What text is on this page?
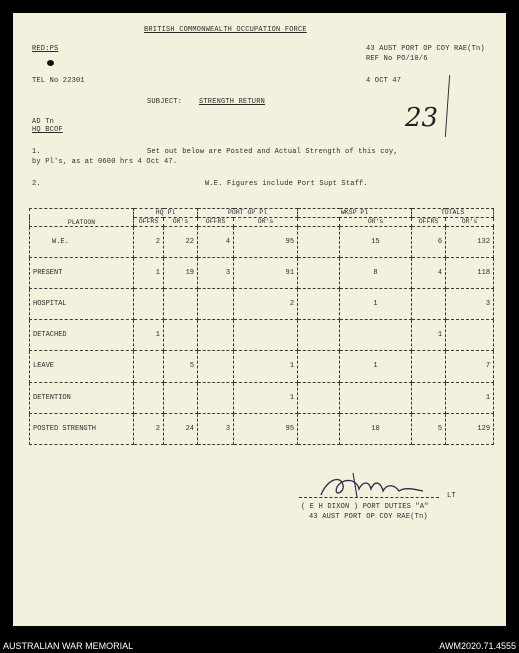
BRITISH COMMONWEALTH OCCUPATION FORCE
RED:PS	43 AUST PORT OP COY RAE(Tn)
REF No PO/10/6
TEL No 22301	4 OCT 47
SUBJECT: STRENGTH RETURN
23
AD Tn
HQ BCOF
1.	Set out below are Posted and Actual Strength of this coy,
by Pl's, as at 0600 hrs 4 Oct 47.
2.	W.E. Figures include Port Supt Staff.
PLATOON	HQ Pl		PORT OP Pl		WKSP Pl		TOTALS	
	OFFRS	OR's	OFFRS	OR's		OR's	OFFRS	OR's
W.E.	2	22	4	95		15	6	132
PRESENT	1	19	3	91		8	4	118
HOSPITAL				2		1		3
DETACHED	1						1	
LEAVE		5		1		1		7
DETENTION				1				1
POSTED STRENGTH	2	24	3	95		10	5	129
LT
( E H DIXON ) PORT DUTIES "A"
43 AUST PORT OP COY RAE(Tn)
AUSTRALIAN WAR MEMORIAL	AWM2020.71.4555
